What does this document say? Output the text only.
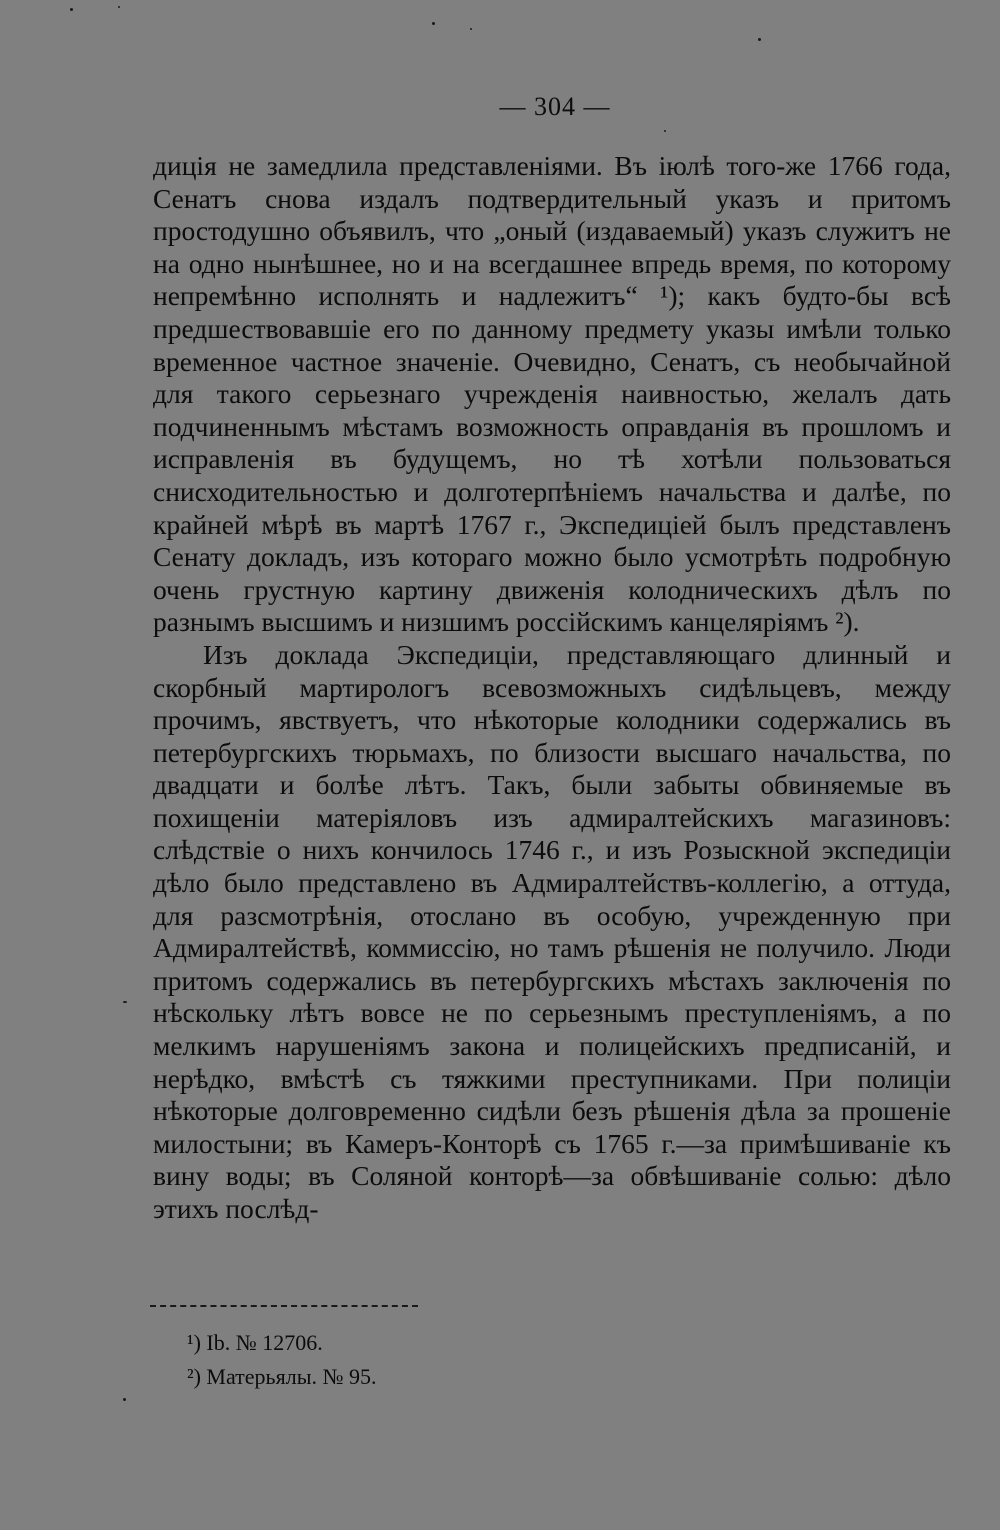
— 304 —

диція не замедлила представленіями. Въ іюлѣ того-же 1766 года, Сенатъ снова издалъ подтвердительный указъ и притомъ простодушно объявилъ, что „оный (издаваемый) указъ служитъ не на одно нынѣшнее, но и на всегдашнее впредь время, по которому непремѣнно исполнять и надлежитъ“ ¹); какъ будто-бы всѣ предшествовавшіе его по данному предмету указы имѣли только временное частное значеніе. Очевидно, Сенатъ, съ необычайной для такого серьезнаго учрежденія наивностью, желалъ дать подчиненнымъ мѣстамъ возможность оправданія въ прошломъ и исправленія въ будущемъ, но тѣ хотѣли пользоваться снисходительностью и долготерпѣніемъ начальства и далѣе, по крайней мѣрѣ въ мартѣ 1767 г., Экспедиціей былъ представленъ Сенату докладъ, изъ котораго можно было усмотрѣть подробную очень грустную картину движенія колодническихъ дѣлъ по разнымъ высшимъ и низшимъ россійскимъ канцеляріямъ ²).

Изъ доклада Экспедиціи, представляющаго длинный и скорбный мартирологъ всевозможныхъ сидѣльцевъ, между прочимъ, явствуетъ, что нѣкоторые колодники содержались въ петербургскихъ тюрьмахъ, по близости высшаго начальства, по двадцати и болѣе лѣтъ. Такъ, были забыты обвиняемые въ похищеніи матеріяловъ изъ адмиралтейскихъ магазиновъ: слѣдствіе о нихъ кончилось 1746 г., и изъ Розыскной экспедиціи дѣло было представлено въ Адмиралтействъ-коллегію, а оттуда, для разсмотрѣнія, отослано въ особую, учрежденную при Адмиралтействѣ, коммиссію, но тамъ рѣшенія не получило. Люди притомъ содержались въ петербургскихъ мѣстахъ заключенія по нѣскольку лѣтъ вовсе не по серьезнымъ преступленіямъ, а по мелкимъ нарушеніямъ закона и полицейскихъ предписаній, и нерѣдко, вмѣстѣ съ тяжкими преступниками. При полиціи нѣкоторые долговременно сидѣли безъ рѣшенія дѣла за прошеніе милостыни; въ Камеръ-Конторѣ съ 1765 г.—за примѣшиваніе къ вину воды; въ Соляной конторѣ—за обвѣшиваніе солью: дѣло этихъ послѣд-

¹) Ib. № 12706.
²) Матерьялы. № 95.
